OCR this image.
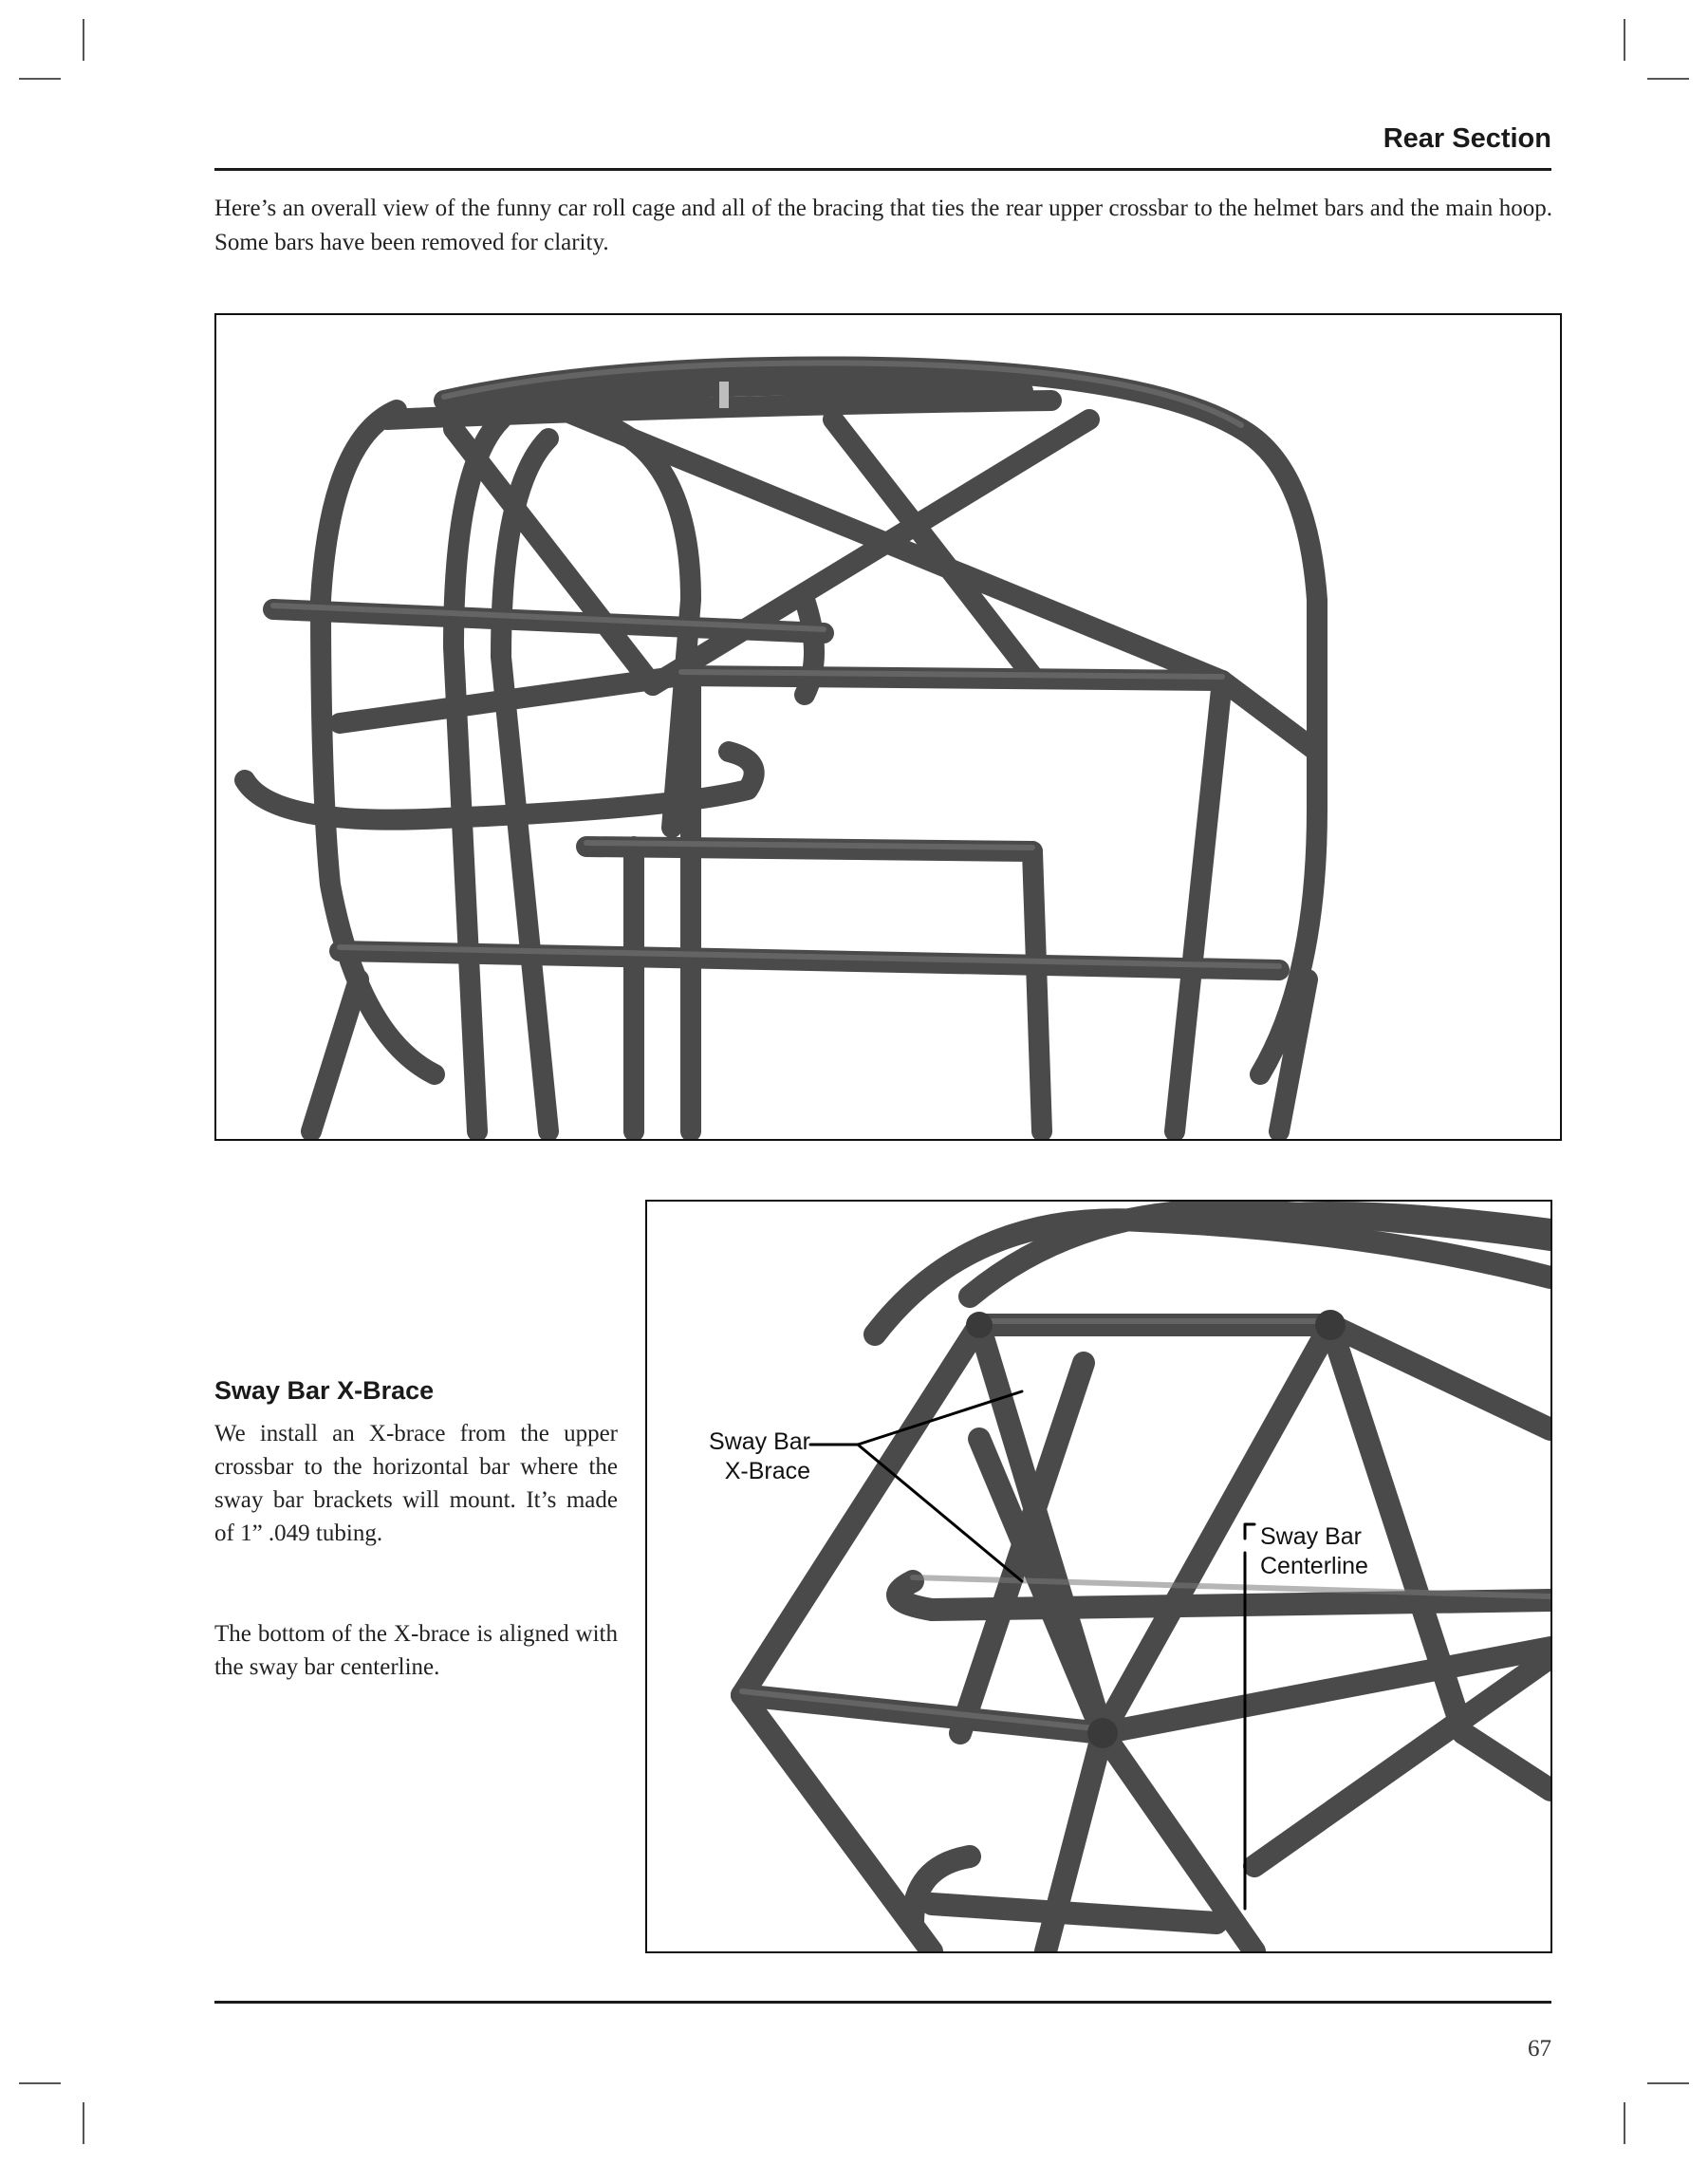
Rear Section

Here’s an overall view of the funny car roll cage and all of the bracing that ties the rear upper crossbar to the helmet bars and the main hoop. Some bars have been removed for clarity.

Sway Bar X-Brace

We install an X-brace from the upper crossbar to the horizontal bar where the sway bar brackets will mount. It’s made of 1” .049 tubing.

The bottom of the X-brace is aligned with the sway bar centerline.

Sway Bar
X-Brace
Sway Bar
Centerline
67
